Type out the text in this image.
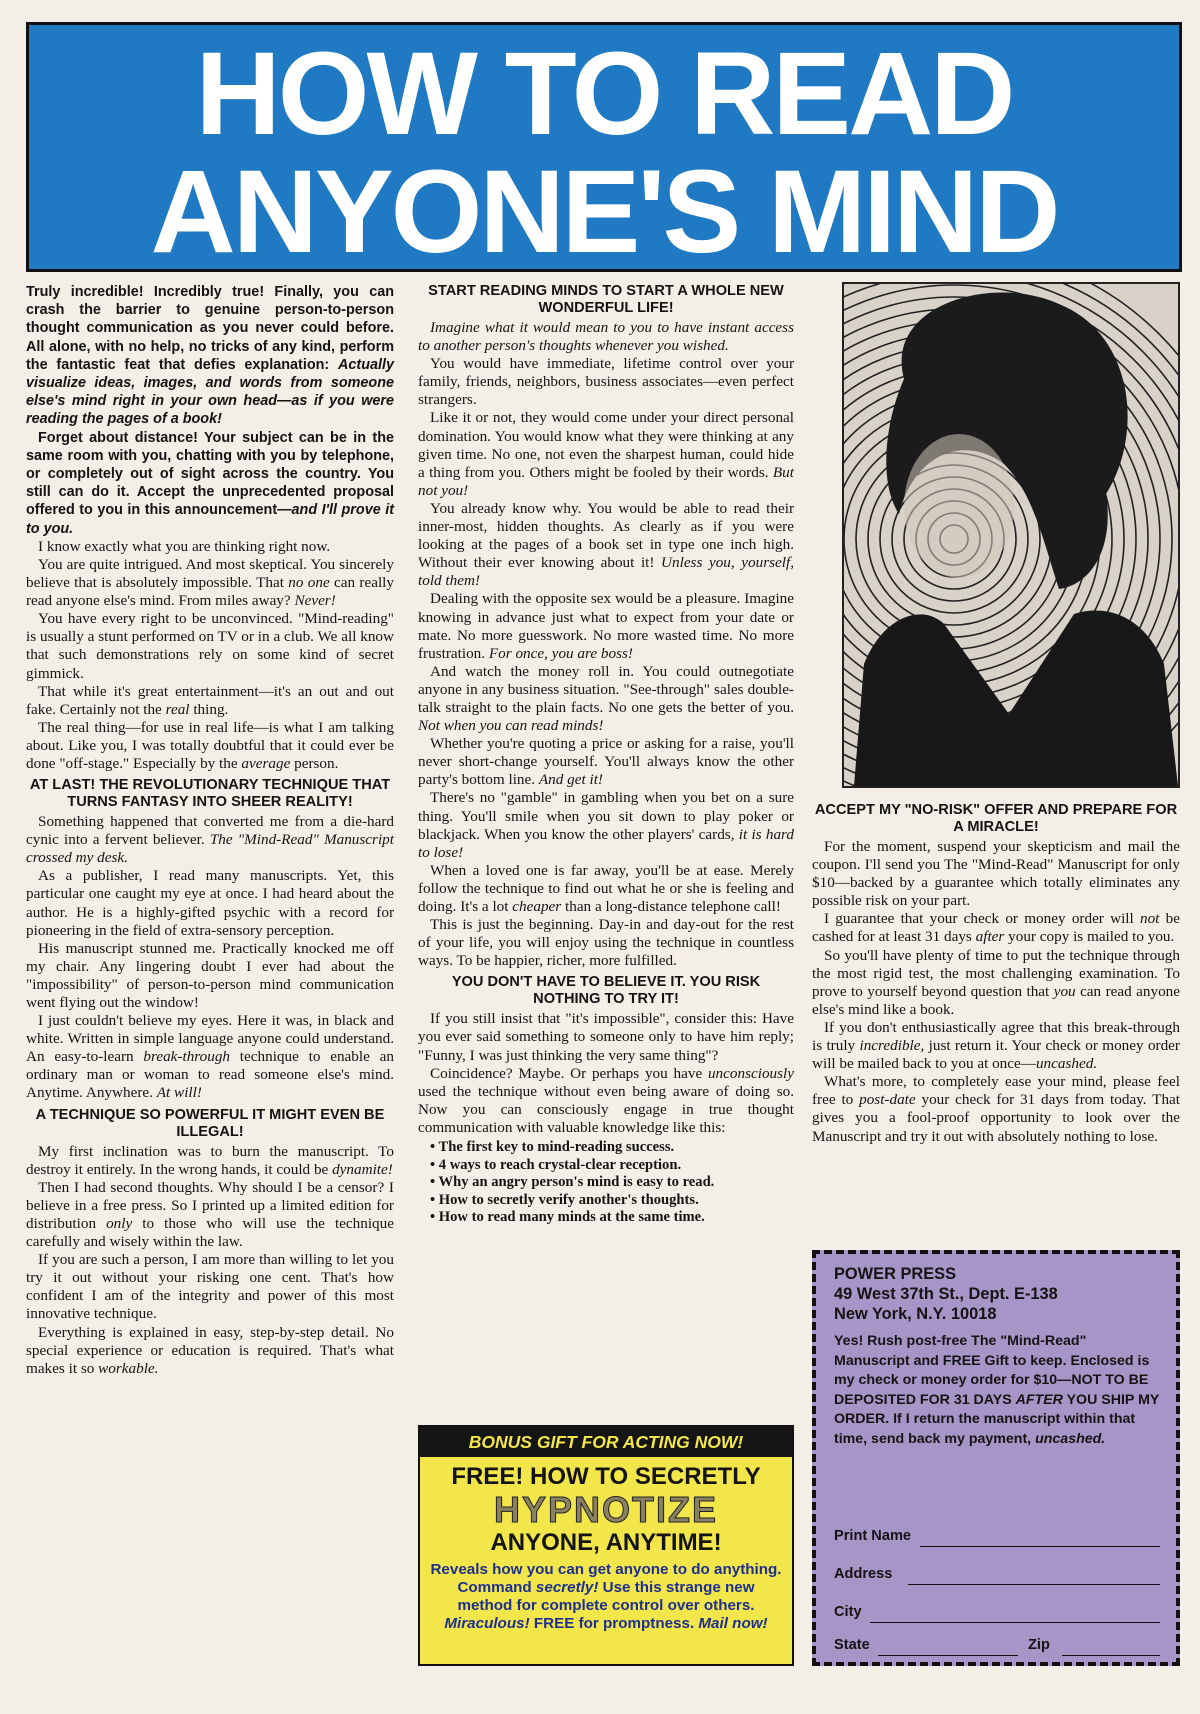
HOW TO READ
ANYONE'S MIND

Truly incredible! Incredibly true! Finally, you can crash the barrier to genuine person-to-person thought communication as you never could before. All alone, with no help, no tricks of any kind, perform the fantastic feat that defies explanation: Actually visualize ideas, images, and words from someone else's mind right in your own head—as if you were reading the pages of a book!

Forget about distance! Your subject can be in the same room with you, chatting with you by telephone, or completely out of sight across the country. You still can do it. Accept the unprecedented proposal offered to you in this announcement—and I'll prove it to you.

I know exactly what you are thinking right now.

You are quite intrigued. And most skeptical. You sincerely believe that is absolutely impossible. That no one can really read anyone else's mind. From miles away? Never!

You have every right to be unconvinced. "Mind-reading" is usually a stunt performed on TV or in a club. We all know that such demonstrations rely on some kind of secret gimmick.

That while it's great entertainment—it's an out and out fake. Certainly not the real thing.

The real thing—for use in real life—is what I am talking about. Like you, I was totally doubtful that it could ever be done "off-stage." Especially by the average person.

AT LAST! THE REVOLUTIONARY TECHNIQUE THAT TURNS FANTASY INTO SHEER REALITY!

Something happened that converted me from a die-hard cynic into a fervent believer. The "Mind-Read" Manuscript crossed my desk.

As a publisher, I read many manuscripts. Yet, this particular one caught my eye at once. I had heard about the author. He is a highly-gifted psychic with a record for pioneering in the field of extra-sensory perception.

His manuscript stunned me. Practically knocked me off my chair. Any lingering doubt I ever had about the "impossibility" of person-to-person mind communication went flying out the window!

I just couldn't believe my eyes. Here it was, in black and white. Written in simple language anyone could understand. An easy-to-learn break-through technique to enable an ordinary man or woman to read someone else's mind. Anytime. Anywhere. At will!

A TECHNIQUE SO POWERFUL IT MIGHT EVEN BE ILLEGAL!

My first inclination was to burn the manuscript. To destroy it entirely. In the wrong hands, it could be dynamite!

Then I had second thoughts. Why should I be a censor? I believe in a free press. So I printed up a limited edition for distribution only to those who will use the technique carefully and wisely within the law.

If you are such a person, I am more than willing to let you try it out without your risking one cent. That's how confident I am of the integrity and power of this most innovative technique.

Everything is explained in easy, step-by-step detail. No special experience or education is required. That's what makes it so workable.

START READING MINDS TO START A WHOLE NEW WONDERFUL LIFE!

Imagine what it would mean to you to have instant access to another person's thoughts whenever you wished.

You would have immediate, lifetime control over your family, friends, neighbors, business associates—even perfect strangers.

Like it or not, they would come under your direct personal domination. You would know what they were thinking at any given time. No one, not even the sharpest human, could hide a thing from you. Others might be fooled by their words. But not you!

You already know why. You would be able to read their inner-most, hidden thoughts. As clearly as if you were looking at the pages of a book set in type one inch high. Without their ever knowing about it! Unless you, yourself, told them!

Dealing with the opposite sex would be a pleasure. Imagine knowing in advance just what to expect from your date or mate. No more guesswork. No more wasted time. No more frustration. For once, you are boss!

And watch the money roll in. You could outnegotiate anyone in any business situation. "See-through" sales double-talk straight to the plain facts. No one gets the better of you. Not when you can read minds!

Whether you're quoting a price or asking for a raise, you'll never short-change yourself. You'll always know the other party's bottom line. And get it!

There's no "gamble" in gambling when you bet on a sure thing. You'll smile when you sit down to play poker or blackjack. When you know the other players' cards, it is hard to lose!

When a loved one is far away, you'll be at ease. Merely follow the technique to find out what he or she is feeling and doing. It's a lot cheaper than a long-distance telephone call!

This is just the beginning. Day-in and day-out for the rest of your life, you will enjoy using the technique in countless ways. To be happier, richer, more fulfilled.

YOU DON'T HAVE TO BELIEVE IT. YOU RISK NOTHING TO TRY IT!

If you still insist that "it's impossible", consider this: Have you ever said something to someone only to have him reply; "Funny, I was just thinking the very same thing"?

Coincidence? Maybe. Or perhaps you have unconsciously used the technique without even being aware of doing so. Now you can consciously engage in true thought communication with valuable knowledge like this:

• The first key to mind-reading success.
• 4 ways to reach crystal-clear reception.
• Why an angry person's mind is easy to read.
• How to secretly verify another's thoughts.
• How to read many minds at the same time.
BONUS GIFT FOR ACTING NOW!
FREE! HOW TO SECRETLY
HYPNOTIZE
ANYONE, ANYTIME!
Reveals how you can get anyone to do anything. Command secretly! Use this strange new method for complete control over others. Miraculous! FREE for promptness. Mail now!
ACCEPT MY "NO-RISK" OFFER AND PREPARE FOR A MIRACLE!

For the moment, suspend your skepticism and mail the coupon. I'll send you The "Mind-Read" Manuscript for only $10—backed by a guarantee which totally eliminates any possible risk on your part.

I guarantee that your check or money order will not be cashed for at least 31 days after your copy is mailed to you.

So you'll have plenty of time to put the technique through the most rigid test, the most challenging examination. To prove to yourself beyond question that you can read anyone else's mind like a book.

If you don't enthusiastically agree that this break-through is truly incredible, just return it. Your check or money order will be mailed back to you at once—uncashed.

What's more, to completely ease your mind, please feel free to post-date your check for 31 days from today. That gives you a fool-proof opportunity to look over the Manuscript and try it out with absolutely nothing to lose.

POWER PRESS
49 West 37th St., Dept. E-138
New York, N.Y. 10018
Yes! Rush post-free The "Mind-Read" Manuscript and FREE Gift to keep. Enclosed is my check or money order for $10—NOT TO BE DEPOSITED FOR 31 DAYS AFTER YOU SHIP MY ORDER. If I return the manuscript within that time, send back my payment, uncashed.
Print Name
Address
City
State	Zip
